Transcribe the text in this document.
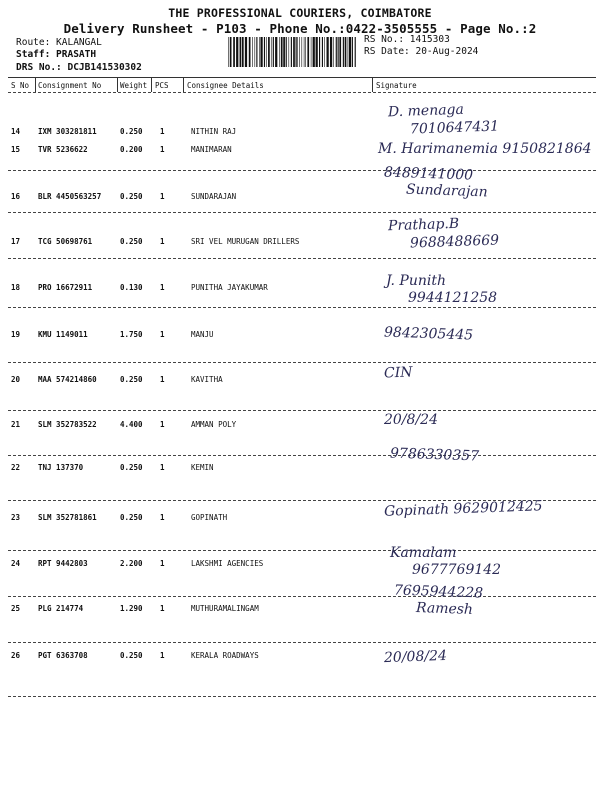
THE PROFESSIONAL COURIERS, COIMBATORE
Delivery Runsheet - P103 - Phone No.:0422-3505555 - Page No.:2
Route: KALANGAL
Staff: PRASATH
DRS No.: DCJB141530302
RS No.: 1415303
RS Date: 20-Aug-2024
S No Consignment No	Weight PCS Consignee Details	Signature
14 IXM 303281811	0.250 1	NITHIN RAJ
D. menaga
7010647431
15 TVR 5236622	0.200 1	MANIMARAN	M. Harimanemia 9150821864
16 BLR 4450563257	0.250 1	SUNDARAJAN
8489141000
Sundarajan
17 TCG 50698761	0.250 1	SRI VEL MURUGAN DRILLERS
Prathap.B
9688488669
18 PRO 16672911	0.130 1	PUNITHA JAYAKUMAR	J. Punith
9944121258
19 KMU 1149011	1.750 1	MANJU	9842305445
20 MAA 574214860	0.250 1	KAVITHA	CIN
21 SLM 352783522	4.400 1	AMMAN POLY	20/8/24
22 TNJ 137370	0.250 1	KEMIN
9786330357
23 SLM 352781861	0.250 1	GOPINATH	Gopinath 9629012425
24 RPT 9442803	2.200 1	LAKSHMI AGENCIES
Kamalam
9677769142
25 PLG 214774	1.290 1	MUTHURAMALINGAM
7695944228
Ramesh
26 PGT 6363708	0.250 1	KERALA ROADWAYS	20/08/24
